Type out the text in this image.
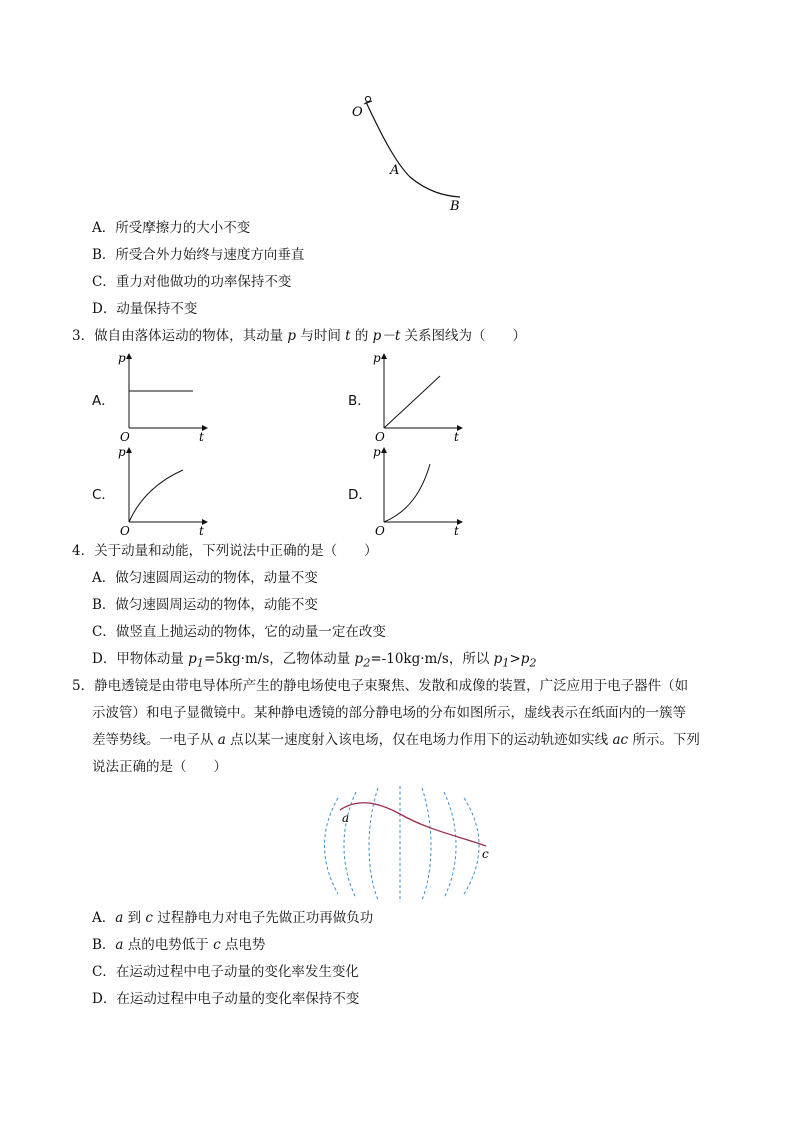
O
A
B
A．所受摩擦力的大小不变
B．所受合外力始终与速度方向垂直
C．重力对他做功的功率保持不变
D．动量保持不变
3．做自由落体运动的物体，其动量 p 与时间 t 的 p－t 关系图线为（　　）
A．	B．
C．	D．
p
t
O
p
t
O
p
t
O
p
t
O
4．关于动量和动能，下列说法中正确的是（　　）
A．做匀速圆周运动的物体，动量不变
B．做匀速圆周运动的物体，动能不变
C．做竖直上抛运动的物体，它的动量一定在改变
D．甲物体动量 $p_1=5kg\cdot m/s$，乙物体动量 $p_2=-10kg\cdot m/s$，所以 $p_1>p_2$
5．静电透镜是由带电导体所产生的静电场使电子束聚焦、发散和成像的装置，广泛应用于电子器件（如
示波管）和电子显微镜中。某种静电透镜的部分静电场的分布如图所示，虚线表示在纸面内的一簇等
差等势线。一电子从 a 点以某一速度射入该电场，仅在电场力作用下的运动轨迹如实线 ac 所示。下列
说法正确的是（　　）
a
c
A．a 到 c 过程静电力对电子先做正功再做负功
B．a 点的电势低于 c 点电势
C．在运动过程中电子动量的变化率发生变化
D．在运动过程中电子动量的变化率保持不变
